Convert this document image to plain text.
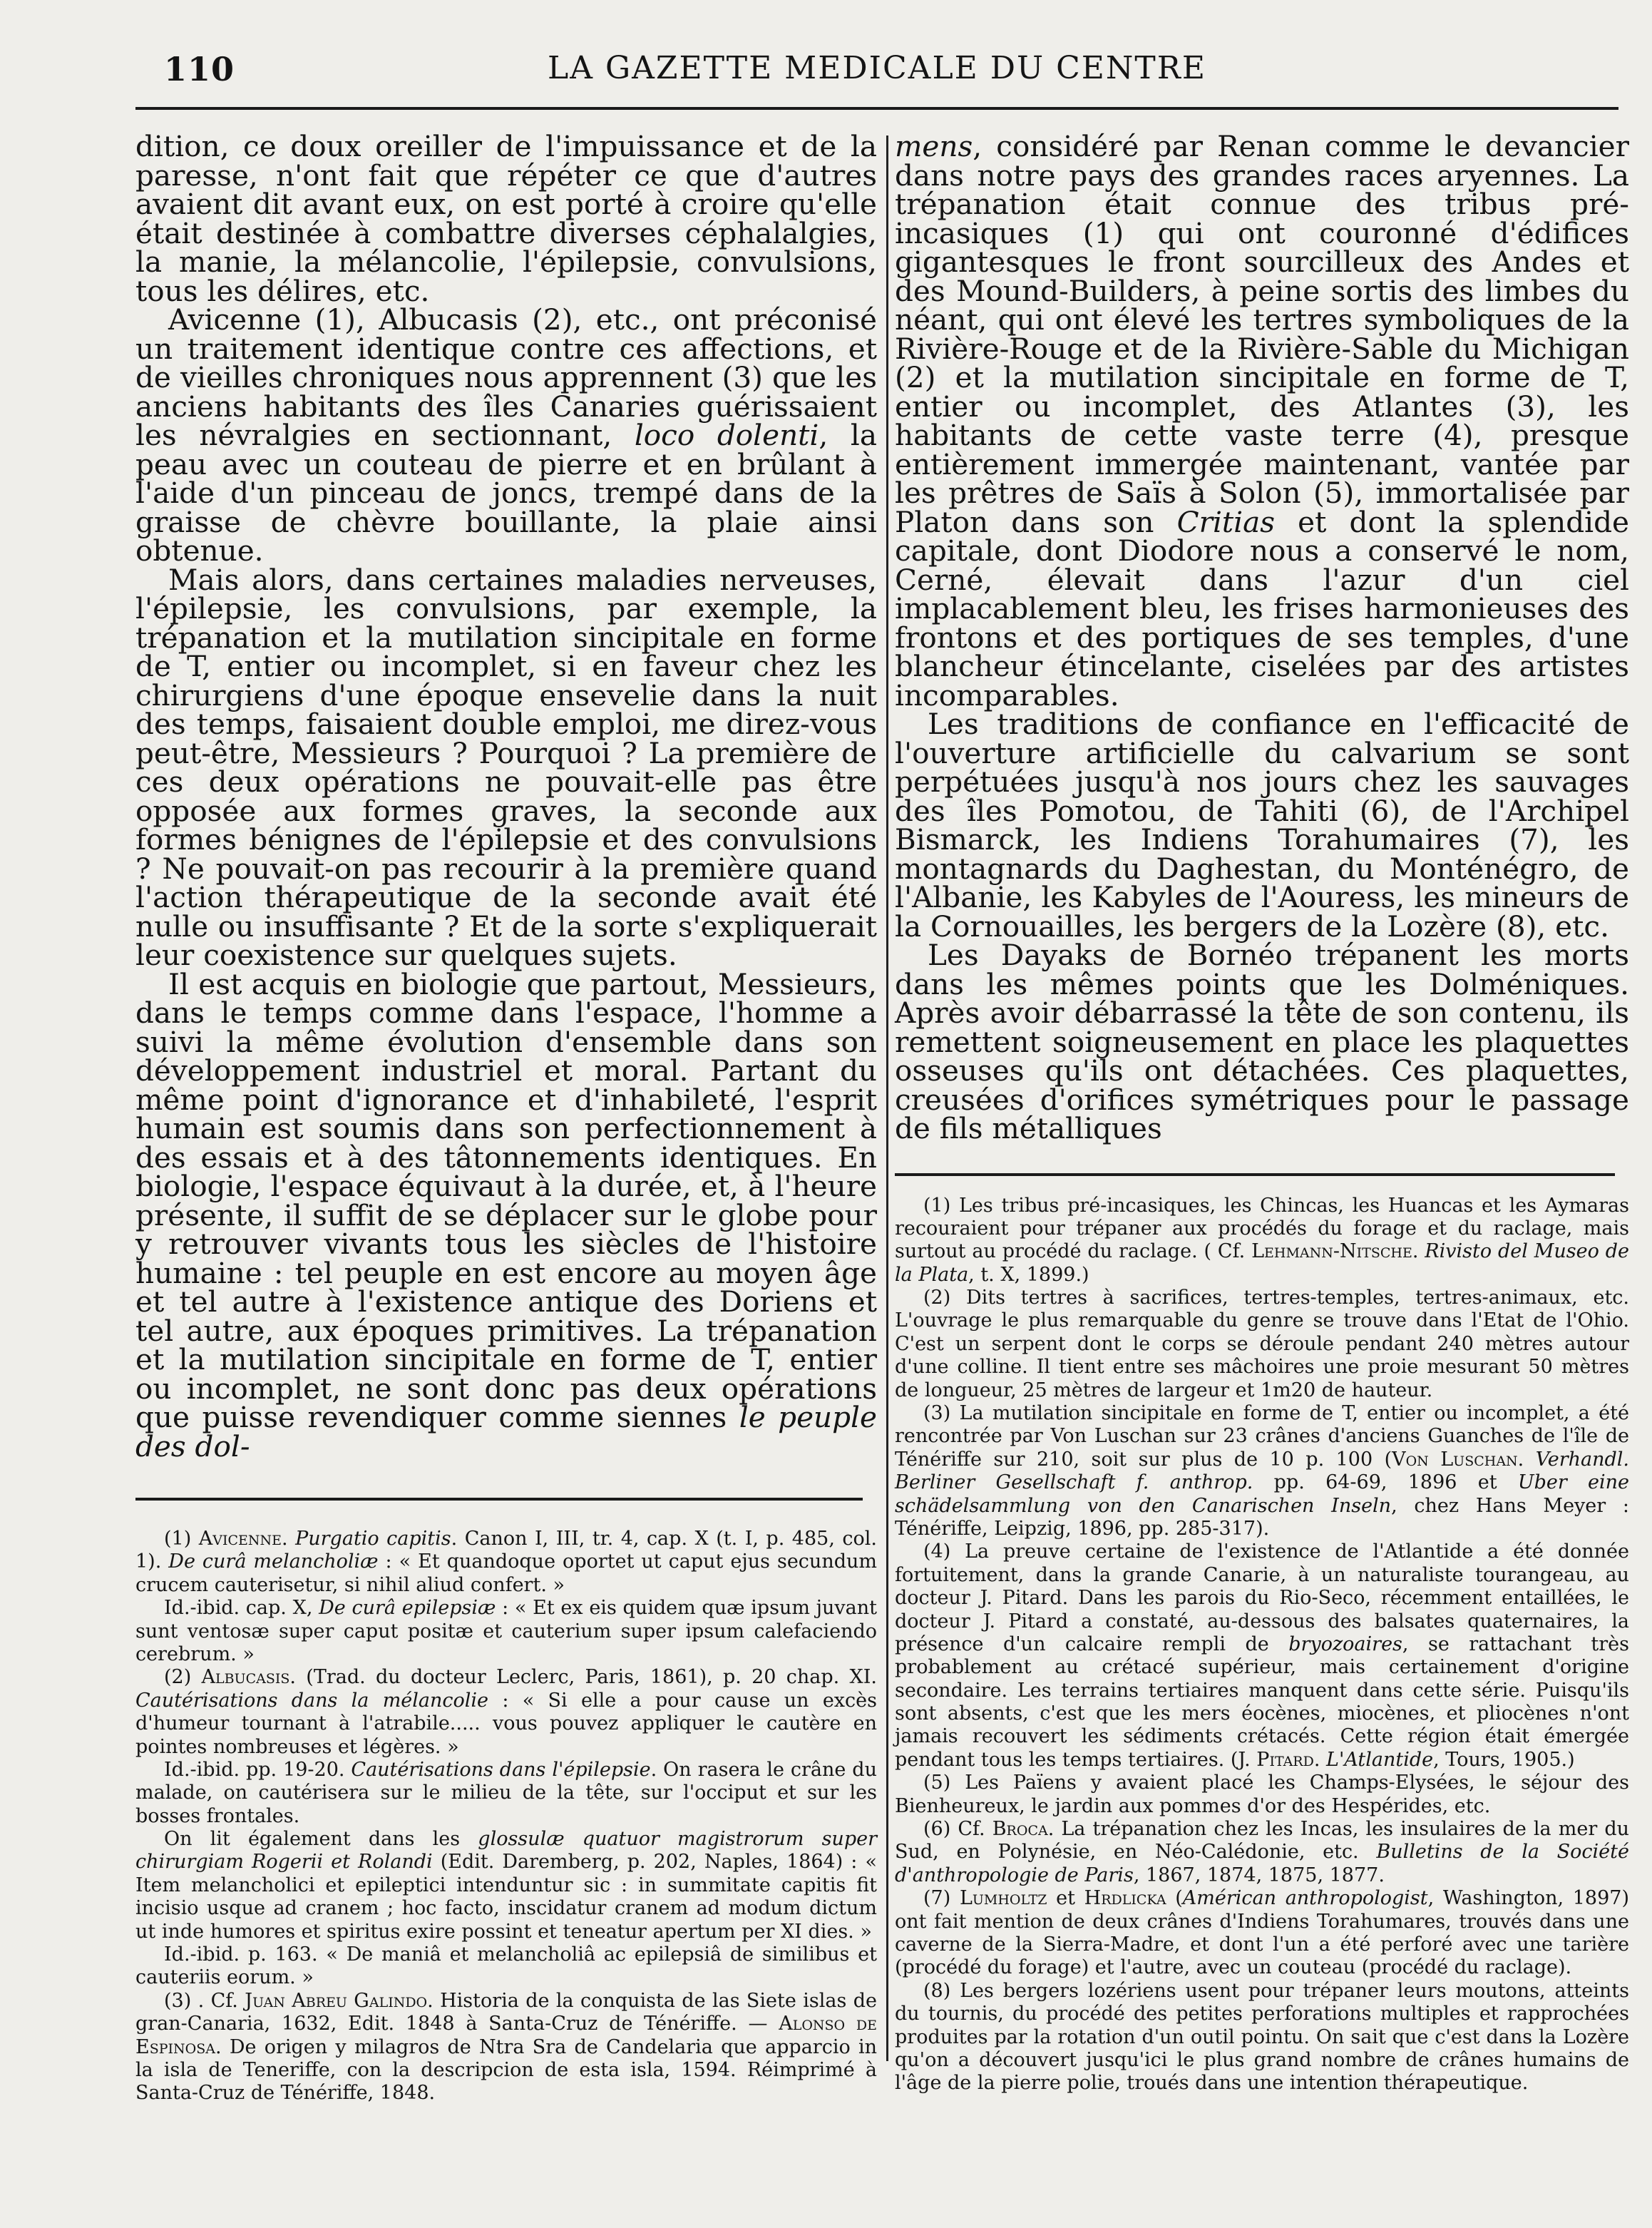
110	LA GAZETTE MEDICALE DU CENTRE

dition, ce doux oreiller de l'impuissance et de la paresse, n'ont fait que répéter ce que d'autres avaient dit avant eux, on est porté à croire qu'elle était destinée à combattre diverses céphalalgies, la manie, la mélancolie, l'épilepsie, convulsions, tous les délires, etc.

Avicenne (1), Albucasis (2), etc., ont préconisé un traitement identique contre ces affections, et de vieilles chroniques nous apprennent (3) que les anciens habitants des îles Canaries guérissaient les névralgies en sectionnant, loco dolenti, la peau avec un couteau de pierre et en brûlant à l'aide d'un pinceau de joncs, trempé dans de la graisse de chèvre bouillante, la plaie ainsi obtenue.

Mais alors, dans certaines maladies nerveuses, l'épilepsie, les convulsions, par exemple, la trépanation et la mutilation sincipitale en forme de T, entier ou incomplet, si en faveur chez les chirurgiens d'une époque ensevelie dans la nuit des temps, faisaient double emploi, me direz-vous peut-être, Messieurs ? Pourquoi ? La première de ces deux opérations ne pouvait-elle pas être opposée aux formes graves, la seconde aux formes bénignes de l'épilepsie et des convulsions ? Ne pouvait-on pas recourir à la première quand l'action thérapeutique de la seconde avait été nulle ou insuffisante ? Et de la sorte s'expliquerait leur coexistence sur quelques sujets.

Il est acquis en biologie que partout, Messieurs, dans le temps comme dans l'espace, l'homme a suivi la même évolution d'ensemble dans son développement industriel et moral. Partant du même point d'ignorance et d'inhabileté, l'esprit humain est soumis dans son perfectionnement à des essais et à des tâtonnements identiques. En biologie, l'espace équivaut à la durée, et, à l'heure présente, il suffit de se déplacer sur le globe pour y retrouver vivants tous les siècles de l'histoire humaine : tel peuple en est encore au moyen âge et tel autre à l'existence antique des Doriens et tel autre, aux époques primitives. La trépanation et la mutilation sincipitale en forme de T, entier ou incomplet, ne sont donc pas deux opérations que puisse revendiquer comme siennes le peuple des dol-

(1) Avicenne. Purgatio capitis. Canon I, III, tr. 4, cap. X (t. I, p. 485, col. 1). De curâ melancholiæ : « Et quandoque oportet ut caput ejus secundum crucem cauterisetur, si nihil aliud confert. »

Id.-ibid. cap. X, De curâ epilepsiæ : « Et ex eis quidem quæ ipsum juvant sunt ventosæ super caput positæ et cauterium super ipsum calefaciendo cerebrum. »

(2) Albucasis. (Trad. du docteur Leclerc, Paris, 1861), p. 20 chap. XI. Cautérisations dans la mélancolie : « Si elle a pour cause un excès d'humeur tournant à l'atrabile..... vous pouvez appliquer le cautère en pointes nombreuses et légères. »

Id.-ibid. pp. 19-20. Cautérisations dans l'épilepsie. On rasera le crâne du malade, on cautérisera sur le milieu de la tête, sur l'occiput et sur les bosses frontales.

On lit également dans les glossulæ quatuor magistrorum super chirurgiam Rogerii et Rolandi (Edit. Daremberg, p. 202, Naples, 1864) : « Item melancholici et epileptici intenduntur sic : in summitate capitis fit incisio usque ad cranem ; hoc facto, inscidatur cranem ad modum dictum ut inde humores et spiritus exire possint et teneatur apertum per XI dies. »

Id.-ibid. p. 163. « De maniâ et melancholiâ ac epilepsiâ de similibus et cauteriis eorum. »

(3) . Cf. Juan Abreu Galindo. Historia de la conquista de las Siete islas de gran-Canaria, 1632, Edit. 1848 à Santa-Cruz de Ténériffe. — Alonso de Espinosa. De origen y milagros de Ntra Sra de Candelaria que apparcio in la isla de Teneriffe, con la descripcion de esta isla, 1594. Réimprimé à Santa-Cruz de Ténériffe, 1848.

mens, considéré par Renan comme le devancier dans notre pays des grandes races aryennes. La trépanation était connue des tribus pré-incasiques (1) qui ont couronné d'édifices gigantesques le front sourcilleux des Andes et des Mound-Builders, à peine sortis des limbes du néant, qui ont élevé les tertres symboliques de la Rivière-Rouge et de la Rivière-Sable du Michigan (2) et la mutilation sincipitale en forme de T, entier ou incomplet, des Atlantes (3), les habitants de cette vaste terre (4), presque entièrement immergée maintenant, vantée par les prêtres de Saïs à Solon (5), immortalisée par Platon dans son Critias et dont la splendide capitale, dont Diodore nous a conservé le nom, Cerné, élevait dans l'azur d'un ciel implacablement bleu, les frises harmonieuses des frontons et des portiques de ses temples, d'une blancheur étincelante, ciselées par des artistes incomparables.

Les traditions de confiance en l'efficacité de l'ouverture artificielle du calvarium se sont perpétuées jusqu'à nos jours chez les sauvages des îles Pomotou, de Tahiti (6), de l'Archipel Bismarck, les Indiens Torahumaires (7), les montagnards du Daghestan, du Monténégro, de l'Albanie, les Kabyles de l'Aouress, les mineurs de la Cornouailles, les bergers de la Lozère (8), etc.

Les Dayaks de Bornéo trépanent les morts dans les mêmes points que les Dolméniques. Après avoir débarrassé la tête de son contenu, ils remettent soigneusement en place les plaquettes osseuses qu'ils ont détachées. Ces plaquettes, creusées d'orifices symétriques pour le passage de fils métalliques

(1) Les tribus pré-incasiques, les Chincas, les Huancas et les Aymaras recouraient pour trépaner aux procédés du forage et du raclage, mais surtout au procédé du raclage. ( Cf. Lehmann-Nitsche. Rivisto del Museo de la Plata, t. X, 1899.)

(2) Dits tertres à sacrifices, tertres-temples, tertres-animaux, etc. L'ouvrage le plus remarquable du genre se trouve dans l'Etat de l'Ohio. C'est un serpent dont le corps se déroule pendant 240 mètres autour d'une colline. Il tient entre ses mâchoires une proie mesurant 50 mètres de longueur, 25 mètres de largeur et 1m20 de hauteur.

(3) La mutilation sincipitale en forme de T, entier ou incomplet, a été rencontrée par Von Luschan sur 23 crânes d'anciens Guanches de l'île de Ténériffe sur 210, soit sur plus de 10 p. 100 (Von Luschan. Verhandl. Berliner Gesellschaft f. anthrop. pp. 64-69, 1896 et Uber eine schädelsammlung von den Canarischen Inseln, chez Hans Meyer : Ténériffe, Leipzig, 1896, pp. 285-317).

(4) La preuve certaine de l'existence de l'Atlantide a été donnée fortuitement, dans la grande Canarie, à un naturaliste tourangeau, au docteur J. Pitard. Dans les parois du Rio-Seco, récemment entaillées, le docteur J. Pitard a constaté, au-dessous des balsates quaternaires, la présence d'un calcaire rempli de bryozoaires, se rattachant très probablement au crétacé supérieur, mais certainement d'origine secondaire. Les terrains tertiaires manquent dans cette série. Puisqu'ils sont absents, c'est que les mers éocènes, miocènes, et pliocènes n'ont jamais recouvert les sédiments crétacés. Cette région était émergée pendant tous les temps tertiaires. (J. Pitard. L'Atlantide, Tours, 1905.)

(5) Les Païens y avaient placé les Champs-Elysées, le séjour des Bienheureux, le jardin aux pommes d'or des Hespérides, etc.

(6) Cf. Broca. La trépanation chez les Incas, les insulaires de la mer du Sud, en Polynésie, en Néo-Calédonie, etc. Bulletins de la Société d'anthropologie de Paris, 1867, 1874, 1875, 1877.

(7) Lumholtz et Hrdlicka (Américan anthropologist, Washington, 1897) ont fait mention de deux crânes d'Indiens Torahumares, trouvés dans une caverne de la Sierra-Madre, et dont l'un a été perforé avec une tarière (procédé du forage) et l'autre, avec un couteau (procédé du raclage).

(8) Les bergers lozériens usent pour trépaner leurs moutons, atteints du tournis, du procédé des petites perforations multiples et rapprochées produites par la rotation d'un outil pointu. On sait que c'est dans la Lozère qu'on a découvert jusqu'ici le plus grand nombre de crânes humains de l'âge de la pierre polie, troués dans une intention thérapeutique.
